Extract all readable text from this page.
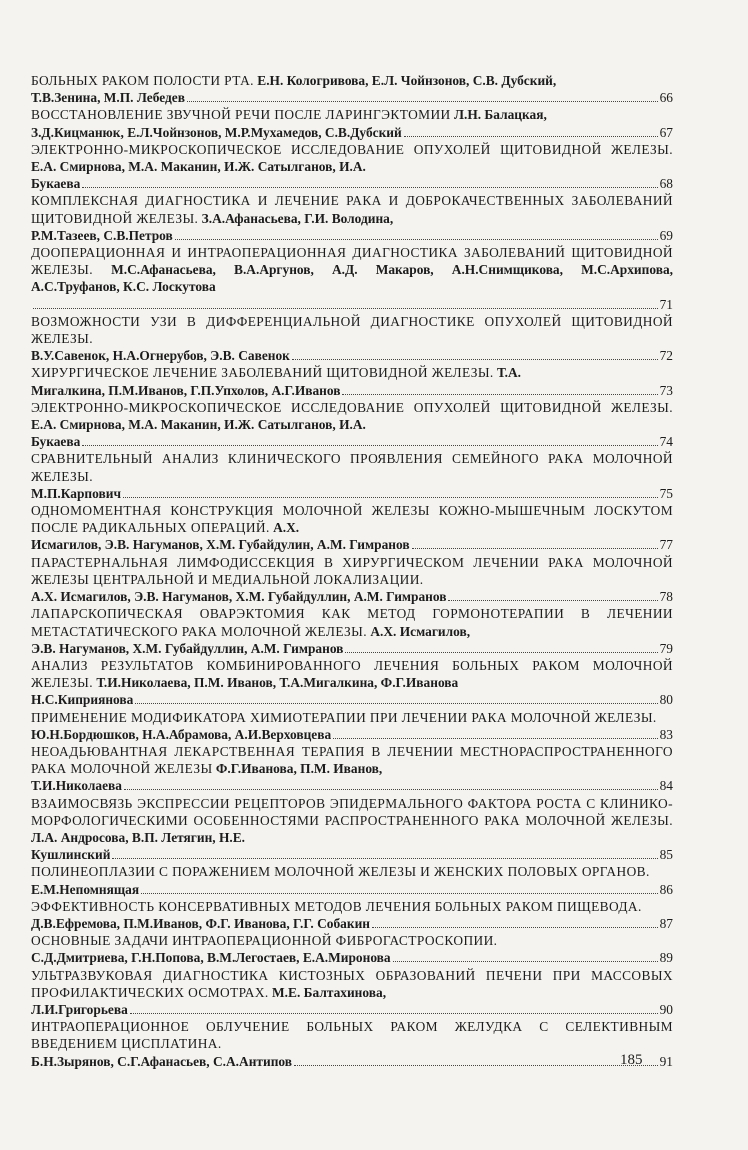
БОЛЬНЫХ РАКОМ ПОЛОСТИ РТА. Е.Н. Кологривова, Е.Л. Чойнзонов, С.В. Дубский,
Т.В.Зенина, М.П. Лебедев	66
ВОССТАНОВЛЕНИЕ ЗВУЧНОЙ РЕЧИ ПОСЛЕ ЛАРИНГЭКТОМИИ Л.Н. Балацкая,
З.Д.Кицманюк, Е.Л.Чойнзонов, М.Р.Мухамедов, С.В.Дубский	67
ЭЛЕКТРОННО-МИКРОСКОПИЧЕСКОЕ ИССЛЕДОВАНИЕ ОПУХОЛЕЙ ЩИТОВИДНОЙ ЖЕЛЕЗЫ. Е.А. Смирнова, М.А. Маканин, И.Ж. Сатылганов, И.А.
Букаева	68
КОМПЛЕКСНАЯ ДИАГНОСТИКА И ЛЕЧЕНИЕ РАКА И ДОБРОКАЧЕСТВЕННЫХ ЗАБОЛЕВАНИЙ ЩИТОВИДНОЙ ЖЕЛЕЗЫ. З.А.Афанасьева, Г.И. Володина,
Р.М.Тазеев, С.В.Петров	69
ДООПЕРАЦИОННАЯ И ИНТРАОПЕРАЦИОННАЯ ДИАГНОСТИКА ЗАБОЛЕВАНИЙ ЩИТОВИДНОЙ ЖЕЛЕЗЫ. М.С.Афанасьева, В.А.Аргунов, А.Д. Макаров, А.Н.Снимщикова, М.С.Архипова, А.С.Труфанов, К.С. Лоскутова
71
ВОЗМОЖНОСТИ УЗИ В ДИФФЕРЕНЦИАЛЬНОЙ ДИАГНОСТИКЕ ОПУХОЛЕЙ ЩИТОВИДНОЙ ЖЕЛЕЗЫ.
В.У.Савенок, Н.А.Огнерубов, Э.В. Савенок	72
ХИРУРГИЧЕСКОЕ ЛЕЧЕНИЕ ЗАБОЛЕВАНИЙ ЩИТОВИДНОЙ ЖЕЛЕЗЫ. Т.А.
Мигалкина, П.М.Иванов, Г.П.Упхолов, А.Г.Иванов	73
ЭЛЕКТРОННО-МИКРОСКОПИЧЕСКОЕ ИССЛЕДОВАНИЕ ОПУХОЛЕЙ ЩИТОВИДНОЙ ЖЕЛЕЗЫ. Е.А. Смирнова, М.А. Маканин, И.Ж. Сатылганов, И.А.
Букаева	74
СРАВНИТЕЛЬНЫЙ АНАЛИЗ КЛИНИЧЕСКОГО ПРОЯВЛЕНИЯ СЕМЕЙНОГО РАКА МОЛОЧНОЙ ЖЕЛЕЗЫ.
М.П.Карпович	75
ОДНОМОМЕНТНАЯ КОНСТРУКЦИЯ МОЛОЧНОЙ ЖЕЛЕЗЫ КОЖНО-МЫШЕЧНЫМ ЛОСКУТОМ ПОСЛЕ РАДИКАЛЬНЫХ ОПЕРАЦИЙ. А.Х.
Исмагилов, Э.В. Нагуманов, Х.М. Губайдулин, А.М. Гимранов	77
ПАРАСТЕРНАЛЬНАЯ ЛИМФОДИССЕКЦИЯ В ХИРУРГИЧЕСКОМ ЛЕЧЕНИИ РАКА МОЛОЧНОЙ ЖЕЛЕЗЫ ЦЕНТРАЛЬНОЙ И МЕДИАЛЬНОЙ ЛОКАЛИЗАЦИИ.
А.Х. Исмагилов, Э.В. Нагуманов, Х.М. Губайдуллин, А.М. Гимранов	78
ЛАПАРСКОПИЧЕСКАЯ ОВАРЭКТОМИЯ КАК МЕТОД ГОРМОНОТЕРАПИИ В ЛЕЧЕНИИ МЕТАСТАТИЧЕСКОГО РАКА МОЛОЧНОЙ ЖЕЛЕЗЫ. А.Х. Исмагилов,
Э.В. Нагуманов, Х.М. Губайдуллин, А.М. Гимранов	79
АНАЛИЗ РЕЗУЛЬТАТОВ КОМБИНИРОВАННОГО ЛЕЧЕНИЯ БОЛЬНЫХ РАКОМ МОЛОЧНОЙ ЖЕЛЕЗЫ. Т.И.Николаева, П.М. Иванов, Т.А.Мигалкина, Ф.Г.Иванова
Н.С.Киприянова	80
ПРИМЕНЕНИЕ МОДИФИКАТОРА ХИМИОТЕРАПИИ ПРИ ЛЕЧЕНИИ РАКА МОЛОЧНОЙ ЖЕЛЕЗЫ.
Ю.Н.Бордюшков, Н.А.Абрамова, А.И.Верховцева	83
НЕОАДЬЮВАНТНАЯ ЛЕКАРСТВЕННАЯ ТЕРАПИЯ В ЛЕЧЕНИИ МЕСТНОРАСПРОСТРАНЕННОГО РАКА МОЛОЧНОЙ ЖЕЛЕЗЫ Ф.Г.Иванова, П.М. Иванов,
Т.И.Николаева	84
ВЗАИМОСВЯЗЬ ЭКСПРЕССИИ РЕЦЕПТОРОВ ЭПИДЕРМАЛЬНОГО ФАКТОРА РОСТА С КЛИНИКО-МОРФОЛОГИЧЕСКИМИ ОСОБЕННОСТЯМИ РАСПРОСТРАНЕННОГО РАКА МОЛОЧНОЙ ЖЕЛЕЗЫ. Л.А. Андросова, В.П. Летягин, Н.Е.
Кушлинский	85
ПОЛИНЕОПЛАЗИИ С ПОРАЖЕНИЕМ МОЛОЧНОЙ ЖЕЛЕЗЫ И ЖЕНСКИХ ПОЛОВЫХ ОРГАНОВ.
Е.М.Непомнящая	86
ЭФФЕКТИВНОСТЬ КОНСЕРВАТИВНЫХ МЕТОДОВ ЛЕЧЕНИЯ БОЛЬНЫХ РАКОМ ПИЩЕВОДА.
Д.В.Ефремова, П.М.Иванов, Ф.Г. Иванова, Г.Г. Собакин	87
ОСНОВНЫЕ ЗАДАЧИ ИНТРАОПЕРАЦИОННОЙ ФИБРОГАСТРОСКОПИИ.
С.Д.Дмитриева, Г.Н.Попова, В.М.Легостаев, Е.А.Миронова	89
УЛЬТРАЗВУКОВАЯ ДИАГНОСТИКА КИСТОЗНЫХ ОБРАЗОВАНИЙ ПЕЧЕНИ ПРИ МАССОВЫХ ПРОФИЛАКТИЧЕСКИХ ОСМОТРАХ. М.Е. Балтахинова,
Л.И.Григорьева	90
ИНТРАОПЕРАЦИОННОЕ ОБЛУЧЕНИЕ БОЛЬНЫХ РАКОМ ЖЕЛУДКА С СЕЛЕКТИВНЫМ ВВЕДЕНИЕМ ЦИСПЛАТИНА.
Б.Н.Зырянов, С.Г.Афанасьев, С.А.Антипов	91
185
